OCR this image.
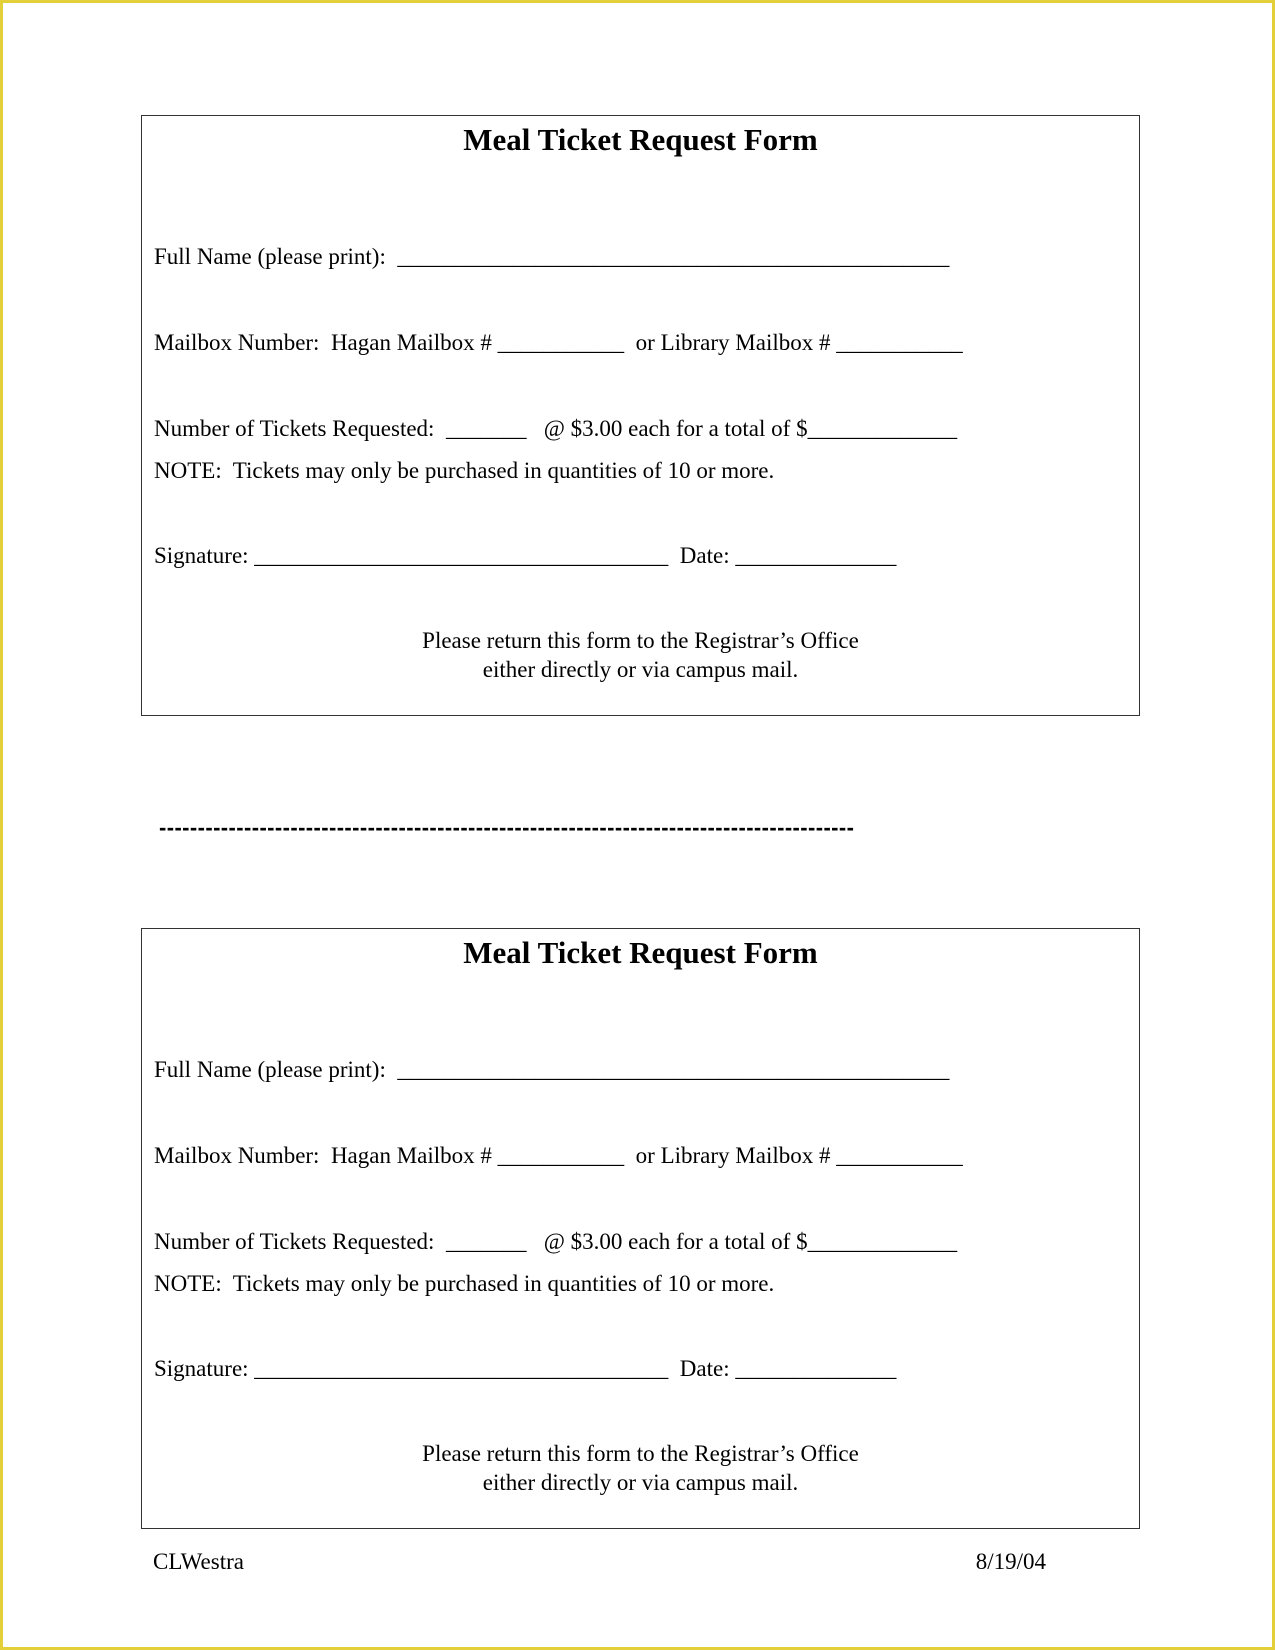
Meal Ticket Request Form

Full Name (please print):  ________________________________________________

Mailbox Number:  Hagan Mailbox # ___________  or Library Mailbox # ___________

Number of Tickets Requested:  _______   @ $3.00 each for a total of $_____________

NOTE:  Tickets may only be purchased in quantities of 10 or more.

Signature: ____________________________________  Date: ______________

Please return this form to the Registrar’s Office
either directly or via campus mail.
------------------------------------------------------------------------------------------
Meal Ticket Request Form

Full Name (please print):  ________________________________________________

Mailbox Number:  Hagan Mailbox # ___________  or Library Mailbox # ___________

Number of Tickets Requested:  _______   @ $3.00 each for a total of $_____________

NOTE:  Tickets may only be purchased in quantities of 10 or more.

Signature: ____________________________________  Date: ______________

Please return this form to the Registrar’s Office
either directly or via campus mail.
CLWestra	8/19/04
